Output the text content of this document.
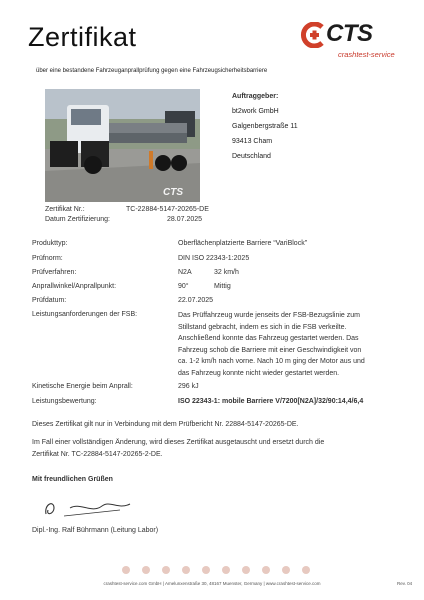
Zertifikat
über eine bestandene Fahrzeuganprallprüfung gegen eine Fahrzeugsicherheitsbarriere
CTS
crashtest-service
CTS
Auftraggeber:
bt2work GmbH
Galgenbergstraße 11
93413 Cham
Deutschland
Zertifikat Nr.:	TC-22884-5147-20265-DE
Datum Zertifizierung:	28.07.2025
Produkttyp:	Oberflächenplatzierte Barriere “VariBlock”
Prüfnorm:	DIN ISO 22343-1:2025
Prüfverfahren:	N2A	32 km/h
Anprallwinkel/Anprallpunkt:	90°	Mittig
Prüfdatum:	22.07.2025
Leistungsanforderungen der FSB:	Das Prüffahrzeug wurde jenseits der FSB-Bezugslinie zum
Stillstand gebracht, indem es sich in die FSB verkeilte.
Anschließend konnte das Fahrzeug gestartet werden. Das
Fahrzeug schob die Barriere mit einer Geschwindigkeit von
ca. 1-2 km/h nach vorne. Nach 10 m ging der Motor aus und
das Fahrzeug konnte nicht wieder gestartet werden.
Kinetische Energie beim Anprall:	296 kJ
Leistungsbewertung:	ISO 22343-1: mobile Barriere V/7200[N2A]/32/90:14,4/6,4
Dieses Zertifikat gilt nur in Verbindung mit dem Prüfbericht Nr. 22884-5147-20265-DE.
Im Fall einer vollständigen Änderung, wird dieses Zertifikat ausgetauscht und ersetzt durch die
Zertifikat Nr. TC-22884-5147-20265-2-DE.
Mit freundlichen Grüßen
Dipl.-Ing. Ralf Bührmann (Leitung Labor)
crashtest-service.com GmbH | Amelunxenstraße 30, 48167 Muenster, Germany | www.crashtest-service.com	Rev. 04
